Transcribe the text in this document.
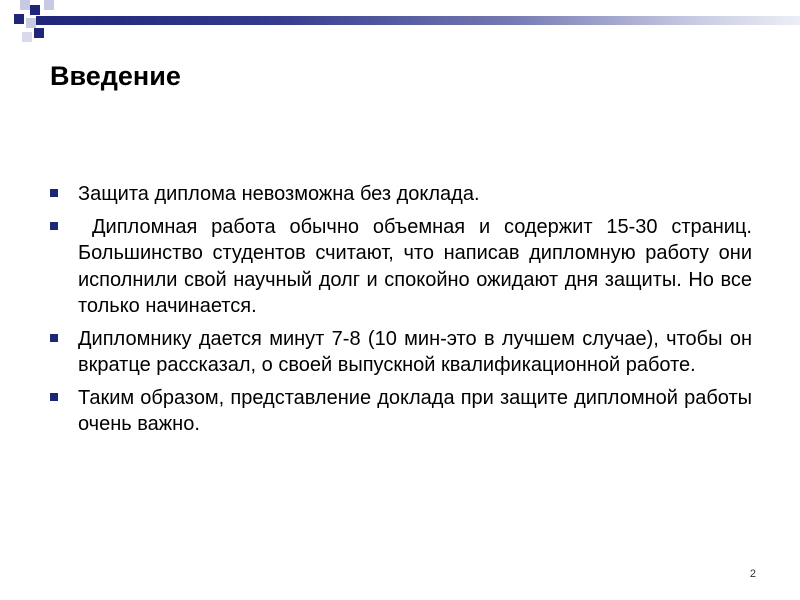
Введение
Защита диплома невозможна без доклада.
Дипломная работа обычно объемная и содержит 15-30 страниц. Большинство студентов считают, что написав дипломную работу они исполнили свой научный долг и спокойно ожидают дня защиты. Но все только начинается.
Дипломнику дается минут 7-8 (10 мин-это в лучшем случае), чтобы он вкратце рассказал, о своей выпускной квалификационной работе.
Таким образом, представление доклада при защите дипломной работы очень важно.
2
